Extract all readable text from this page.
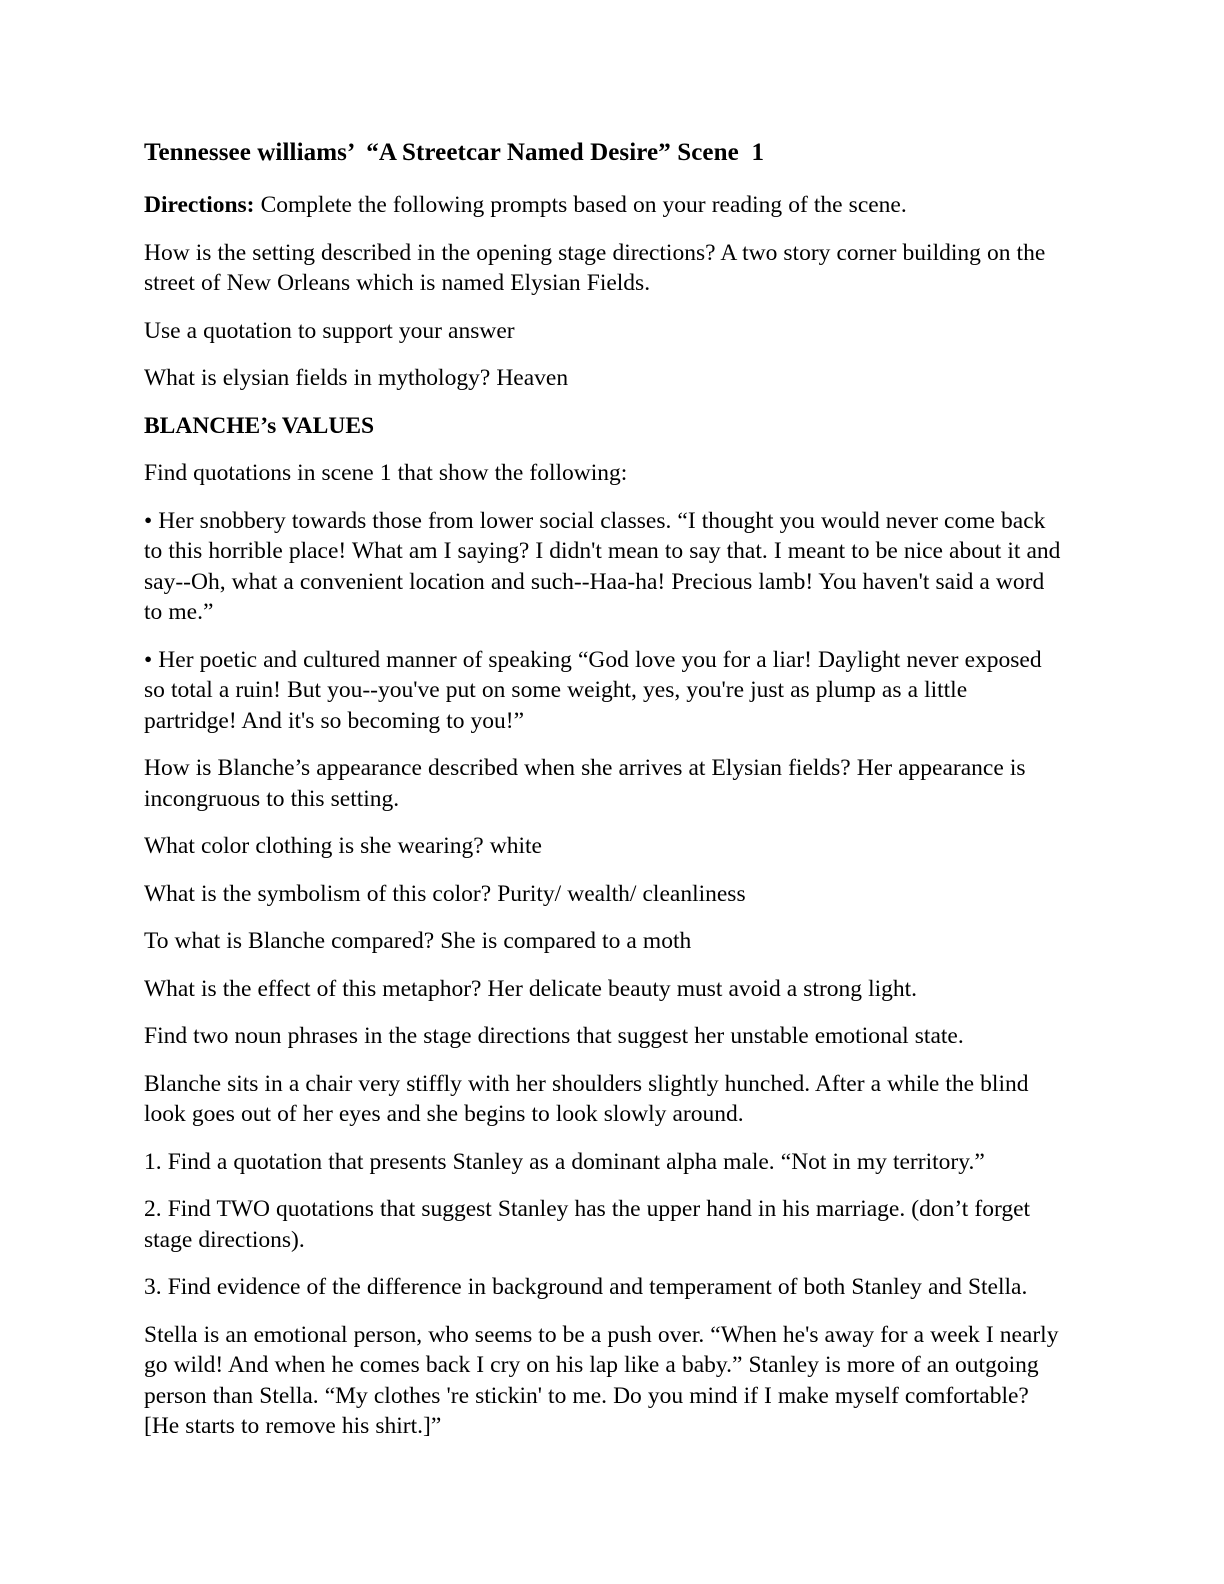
Tennessee williams’  “A Streetcar Named Desire” Scene  1

Directions: Complete the following prompts based on your reading of the scene.

How is the setting described in the opening stage directions? A two story corner building on the street of New Orleans which is named Elysian Fields.

Use a quotation to support your answer

What is elysian fields in mythology? Heaven

BLANCHE’s VALUES

Find quotations in scene 1 that show the following:

• Her snobbery towards those from lower social classes. “I thought you would never come back to this horrible place! What am I saying? I didn't mean to say that. I meant to be nice about it and say--Oh, what a convenient location and such--Haa-ha! Precious lamb! You haven't said a word to me.”

• Her poetic and cultured manner of speaking “God love you for a liar! Daylight never exposed so total a ruin! But you--you've put on some weight, yes, you're just as plump as a little partridge! And it's so becoming to you!”

How is Blanche’s appearance described when she arrives at Elysian fields? Her appearance is incongruous to this setting.

What color clothing is she wearing? white

What is the symbolism of this color? Purity/ wealth/ cleanliness

To what is Blanche compared? She is compared to a moth

What is the effect of this metaphor? Her delicate beauty must avoid a strong light.

Find two noun phrases in the stage directions that suggest her unstable emotional state.

Blanche sits in a chair very stiffly with her shoulders slightly hunched. After a while the blind look goes out of her eyes and she begins to look slowly around.

1. Find a quotation that presents Stanley as a dominant alpha male. “Not in my territory.”

2. Find TWO quotations that suggest Stanley has the upper hand in his marriage. (don’t forget stage directions).

3. Find evidence of the difference in background and temperament of both Stanley and Stella.

Stella is an emotional person, who seems to be a push over. “When he's away for a week I nearly go wild! And when he comes back I cry on his lap like a baby.” Stanley is more of an outgoing person than Stella. “My clothes 're stickin' to me. Do you mind if I make myself comfortable? [He starts to remove his shirt.]”
